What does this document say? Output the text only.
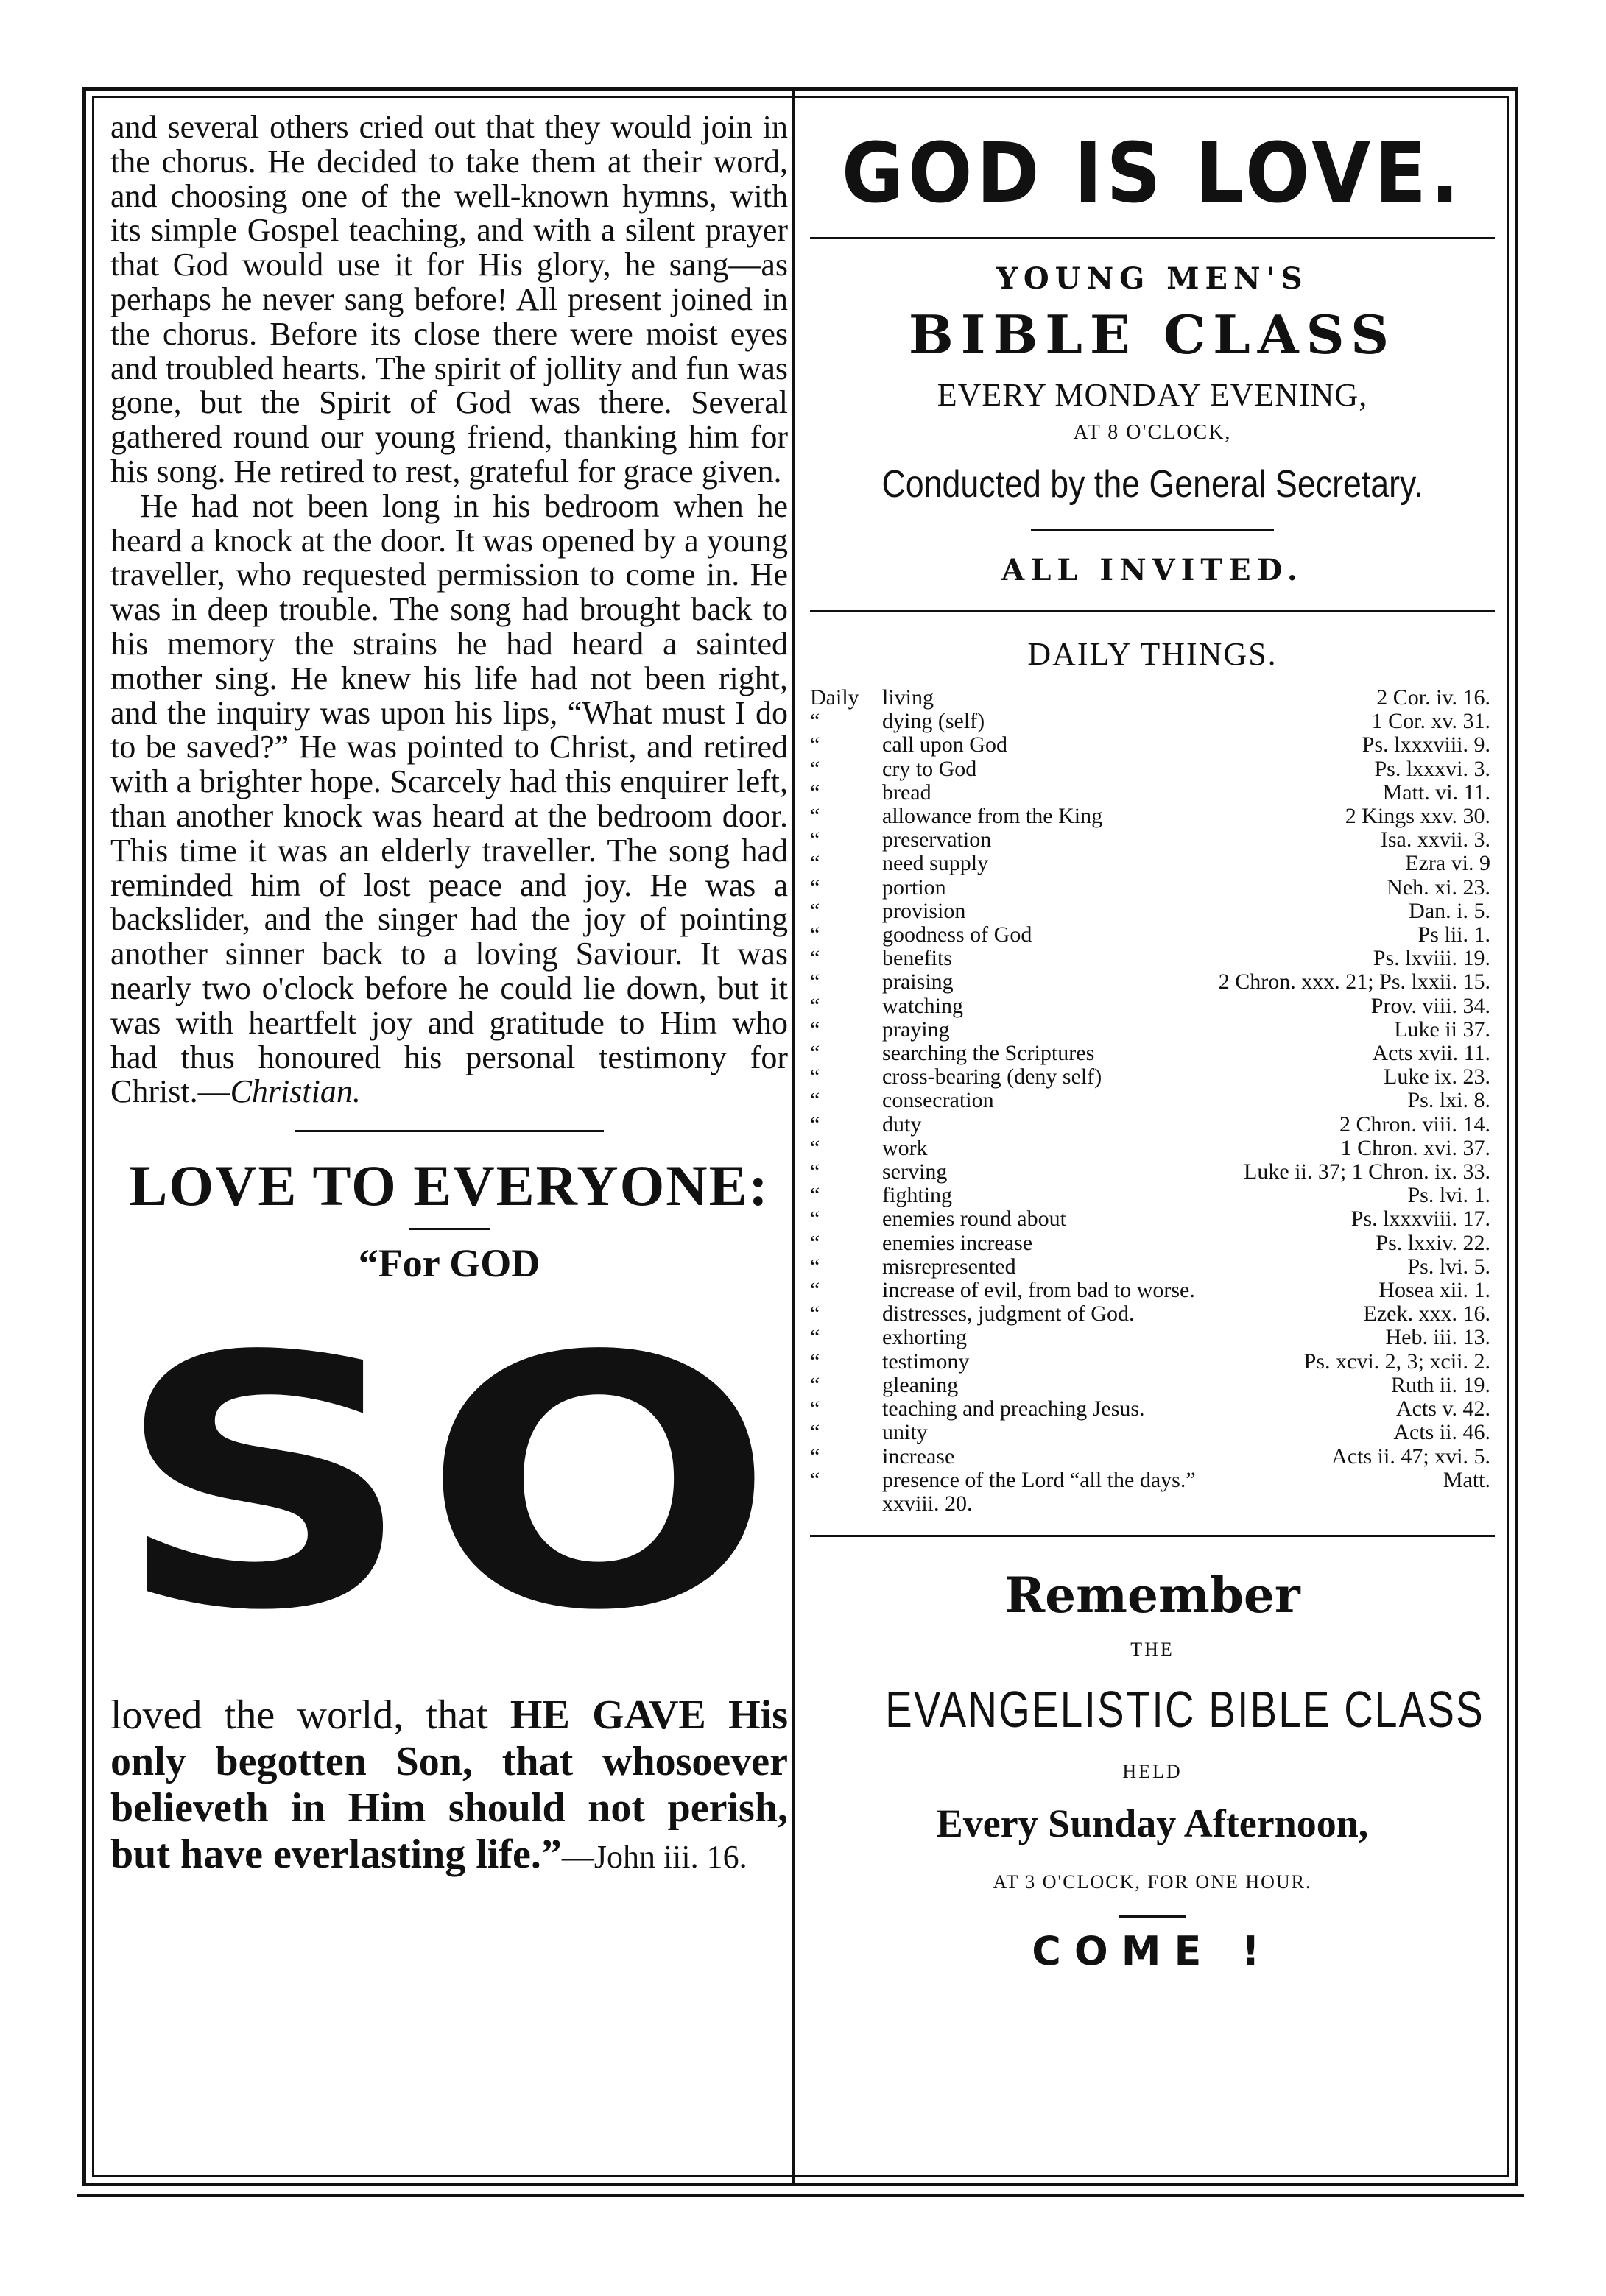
and several others cried out that they would join in the chorus. He decided to take them at their word, and choosing one of the well-known hymns, with its simple Gospel teaching, and with a silent prayer that God would use it for His glory, he sang—as perhaps he never sang before! All present joined in the chorus. Before its close there were moist eyes and troubled hearts. The spirit of jollity and fun was gone, but the Spirit of God was there. Several gathered round our young friend, thanking him for his song. He retired to rest, grateful for grace given.

He had not been long in his bedroom when he heard a knock at the door. It was opened by a young traveller, who requested permission to come in. He was in deep trouble. The song had brought back to his memory the strains he had heard a sainted mother sing. He knew his life had not been right, and the inquiry was upon his lips, “What must I do to be saved?” He was pointed to Christ, and retired with a brighter hope. Scarcely had this enquirer left, than another knock was heard at the bedroom door. This time it was an elderly traveller. The song had reminded him of lost peace and joy. He was a backslider, and the singer had the joy of pointing another sinner back to a loving Saviour. It was nearly two o'clock before he could lie down, but it was with heartfelt joy and gratitude to Him who had thus honoured his personal testimony for Christ.—Christian.

LOVE TO EVERYONE:
“For GOD
SO

loved the world, that HE GAVE His only begotten Son, that whosoever believeth in Him should not perish, but have everlasting life.”—John iii. 16.

GOD IS LOVE.
YOUNG MEN'S
BIBLE CLASS
EVERY MONDAY EVENING,
AT 8 O'CLOCK,
Conducted by the General Secretary.
ALL INVITED.
DAILY THINGS.
Daily	living	2 Cor. iv. 16.
“	dying (self)	1 Cor. xv. 31.
“	call upon God	Ps. lxxxviii. 9.
“	cry to God	Ps. lxxxvi. 3.
“	bread	Matt. vi. 11.
“	allowance from the King	2 Kings xxv. 30.
“	preservation	Isa. xxvii. 3.
“	need supply	Ezra vi. 9
“	portion	Neh. xi. 23.
“	provision	Dan. i. 5.
“	goodness of God	Ps lii. 1.
“	benefits	Ps. lxviii. 19.
“	praising	2 Chron. xxx. 21; Ps. lxxii. 15.
“	watching	Prov. viii. 34.
“	praying	Luke ii 37.
“	searching the Scriptures	Acts xvii. 11.
“	cross-bearing (deny self)	Luke ix. 23.
“	consecration	Ps. lxi. 8.
“	duty	2 Chron. viii. 14.
“	work	1 Chron. xvi. 37.
“	serving	Luke ii. 37; 1 Chron. ix. 33.
“	fighting	Ps. lvi. 1.
“	enemies round about	Ps. lxxxviii. 17.
“	enemies increase	Ps. lxxiv. 22.
“	misrepresented	Ps. lvi. 5.
“	increase of evil, from bad to worse.	Hosea xii. 1.
“	distresses, judgment of God.	Ezek. xxx. 16.
“	exhorting	Heb. iii. 13.
“	testimony	Ps. xcvi. 2, 3; xcii. 2.
“	gleaning	Ruth ii. 19.
“	teaching and preaching Jesus.	Acts v. 42.
“	unity	Acts ii. 46.
“	increase	Acts ii. 47; xvi. 5.
“	presence of the Lord “all the days.”	Matt.
xxviii. 20.
Remember
THE
EVANGELISTIC BIBLE CLASS
HELD
Every Sunday Afternoon,
AT 3 O'CLOCK, FOR ONE HOUR.
COME !
